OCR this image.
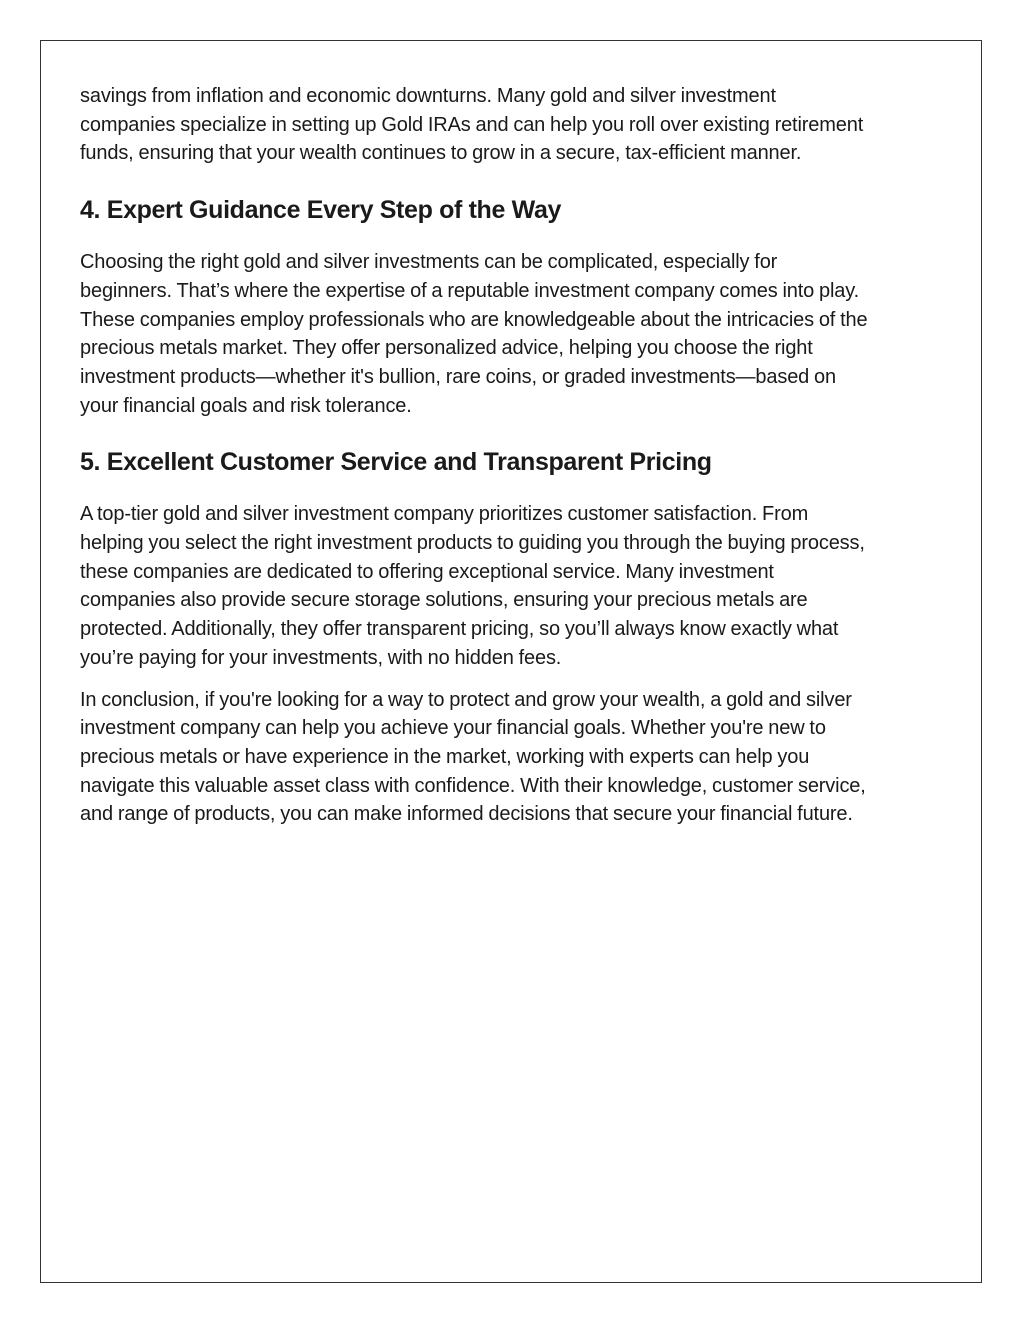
savings from inflation and economic downturns. Many gold and silver investment companies specialize in setting up Gold IRAs and can help you roll over existing retirement funds, ensuring that your wealth continues to grow in a secure, tax-efficient manner.

4. Expert Guidance Every Step of the Way

Choosing the right gold and silver investments can be complicated, especially for beginners. That’s where the expertise of a reputable investment company comes into play. These companies employ professionals who are knowledgeable about the intricacies of the precious metals market. They offer personalized advice, helping you choose the right investment products—whether it's bullion, rare coins, or graded investments—based on your financial goals and risk tolerance.

5. Excellent Customer Service and Transparent Pricing

A top-tier gold and silver investment company prioritizes customer satisfaction. From helping you select the right investment products to guiding you through the buying process, these companies are dedicated to offering exceptional service. Many investment companies also provide secure storage solutions, ensuring your precious metals are protected. Additionally, they offer transparent pricing, so you’ll always know exactly what you’re paying for your investments, with no hidden fees.

In conclusion, if you're looking for a way to protect and grow your wealth, a gold and silver investment company can help you achieve your financial goals. Whether you're new to precious metals or have experience in the market, working with experts can help you navigate this valuable asset class with confidence. With their knowledge, customer service, and range of products, you can make informed decisions that secure your financial future.
